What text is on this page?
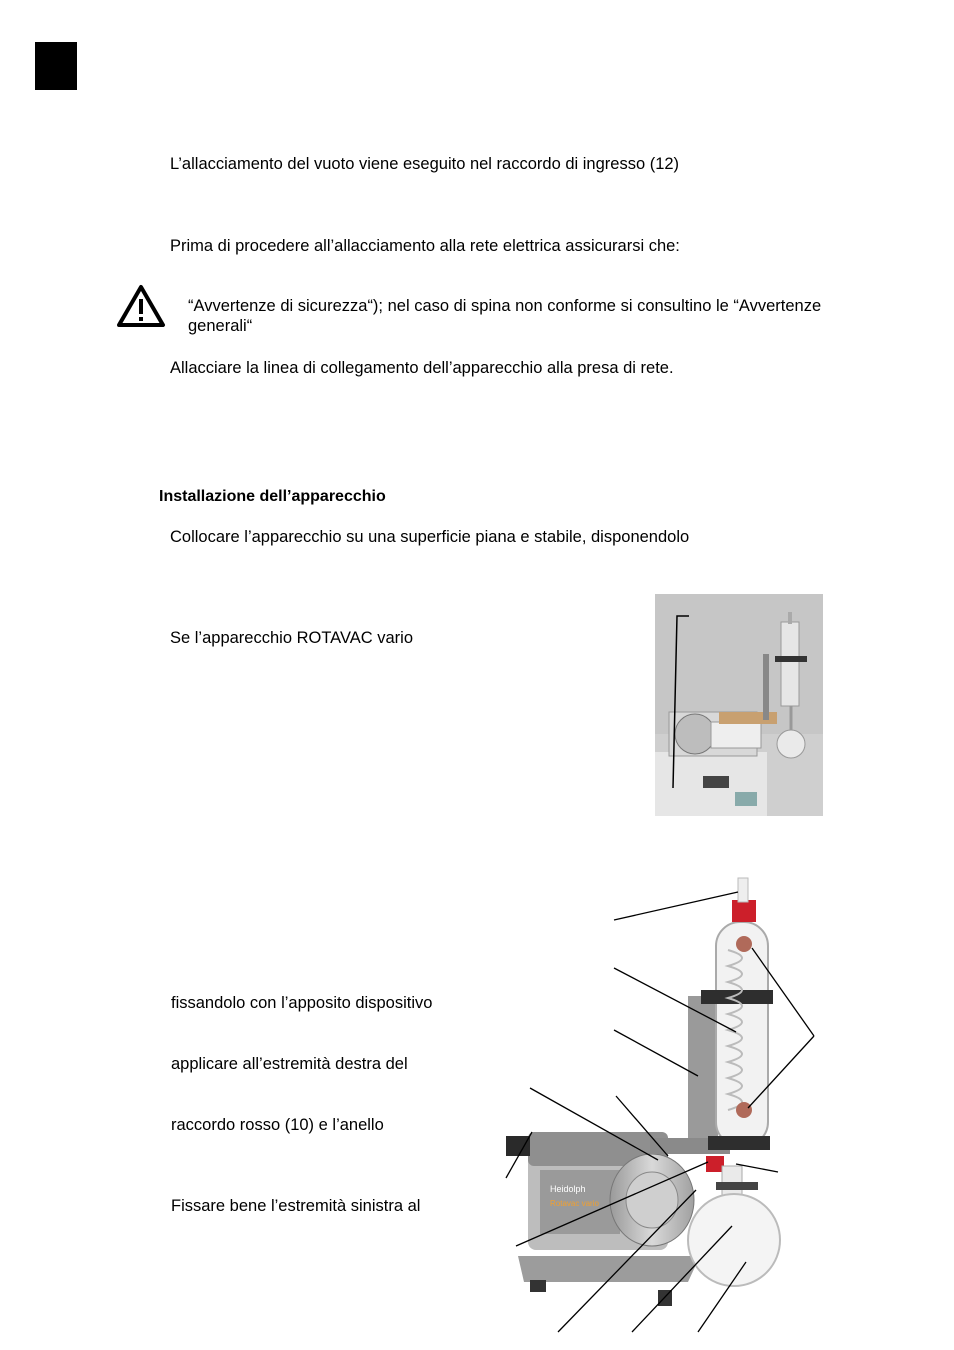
L’allacciamento del vuoto viene eseguito nel raccordo di ingresso (12)
Prima di procedere all’allacciamento alla rete elettrica assicurarsi che:
“Avvertenze di sicurezza“); nel caso di spina non conforme si consultino le “Avvertenze generali“
Allacciare la linea di collegamento dell’apparecchio alla presa di rete.
Installazione dell’apparecchio
Collocare l’apparecchio su una superficie piana e stabile, disponendolo
Se l’apparecchio ROTAVAC vario
fissandolo con l’apposito dispositivo
applicare all’estremità destra del
raccordo rosso (10) e l’anello
Fissare bene l’estremità sinistra al
Heidolph
Rotavac vario
